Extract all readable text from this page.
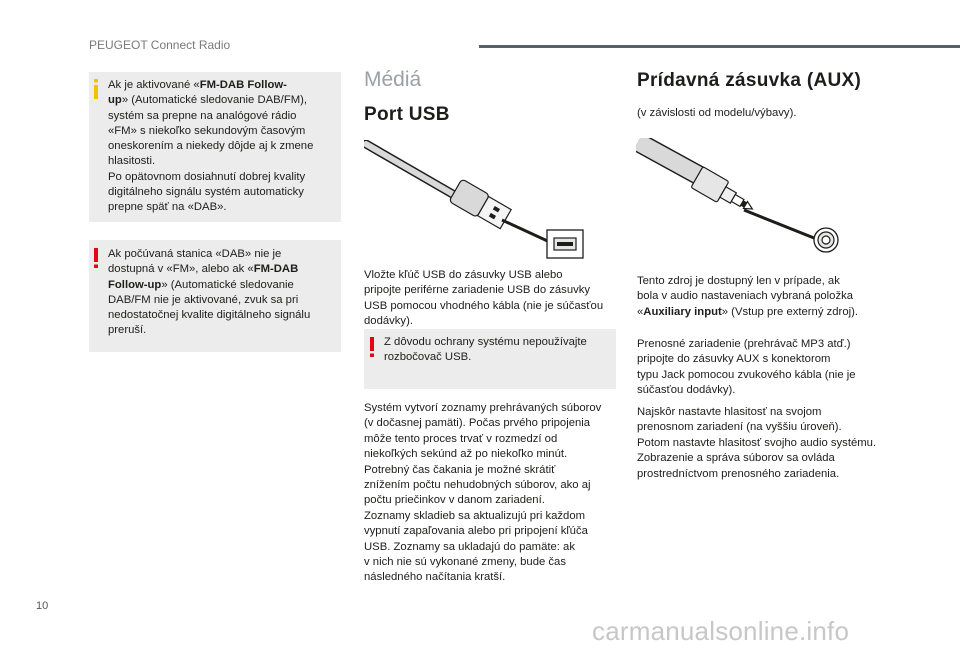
PEUGEOT Connect Radio
Ak je aktivované «FM-DAB Follow-
up» (Automatické sledovanie DAB/FM),
systém sa prepne na analógové rádio
«FM» s niekoľko sekundovým časovým
oneskorením a niekedy dôjde aj k zmene
hlasitosti.
Po opätovnom dosiahnutí dobrej kvality
digitálneho signálu systém automaticky
prepne späť na «DAB».
Ak počúvaná stanica «DAB» nie je
dostupná v «FM», alebo ak «FM-DAB
Follow-up» (Automatické sledovanie
DAB/FM nie je aktivované, zvuk sa pri
nedostatočnej kvalite digitálneho signálu
preruší.
Médiá
Port USB
Vložte kľúč USB do zásuvky USB alebo
pripojte periférne zariadenie USB do zásuvky
USB pomocou vhodného kábla (nie je súčasťou
dodávky).
Z dôvodu ochrany systému nepoužívajte
rozbočovač USB.
Systém vytvorí zoznamy prehrávaných súborov
(v dočasnej pamäti). Počas prvého pripojenia
môže tento proces trvať v rozmedzí od
niekoľkých sekúnd až po niekoľko minút.
Potrebný čas čakania je možné skrátiť
znížením počtu nehudobných súborov, ako aj
počtu priečinkov v danom zariadení.
Zoznamy skladieb sa aktualizujú pri každom
vypnutí zapaľovania alebo pri pripojení kľúča
USB. Zoznamy sa ukladajú do pamäte: ak
v nich nie sú vykonané zmeny, bude čas
následného načítania kratší.
Prídavná zásuvka (AUX)
(v závislosti od modelu/výbavy).
Tento zdroj je dostupný len v prípade, ak
bola v audio nastaveniach vybraná položka
«Auxiliary input» (Vstup pre externý zdroj).
Prenosné zariadenie (prehrávač MP3 atď.)
pripojte do zásuvky AUX s konektorom
typu Jack pomocou zvukového kábla (nie je
súčasťou dodávky).
Najskôr nastavte hlasitosť na svojom
prenosnom zariadení (na vyššiu úroveň).
Potom nastavte hlasitosť svojho audio systému.
Zobrazenie a správa súborov sa ovláda
prostredníctvom prenosného zariadenia.
10
carmanualsonline.info
